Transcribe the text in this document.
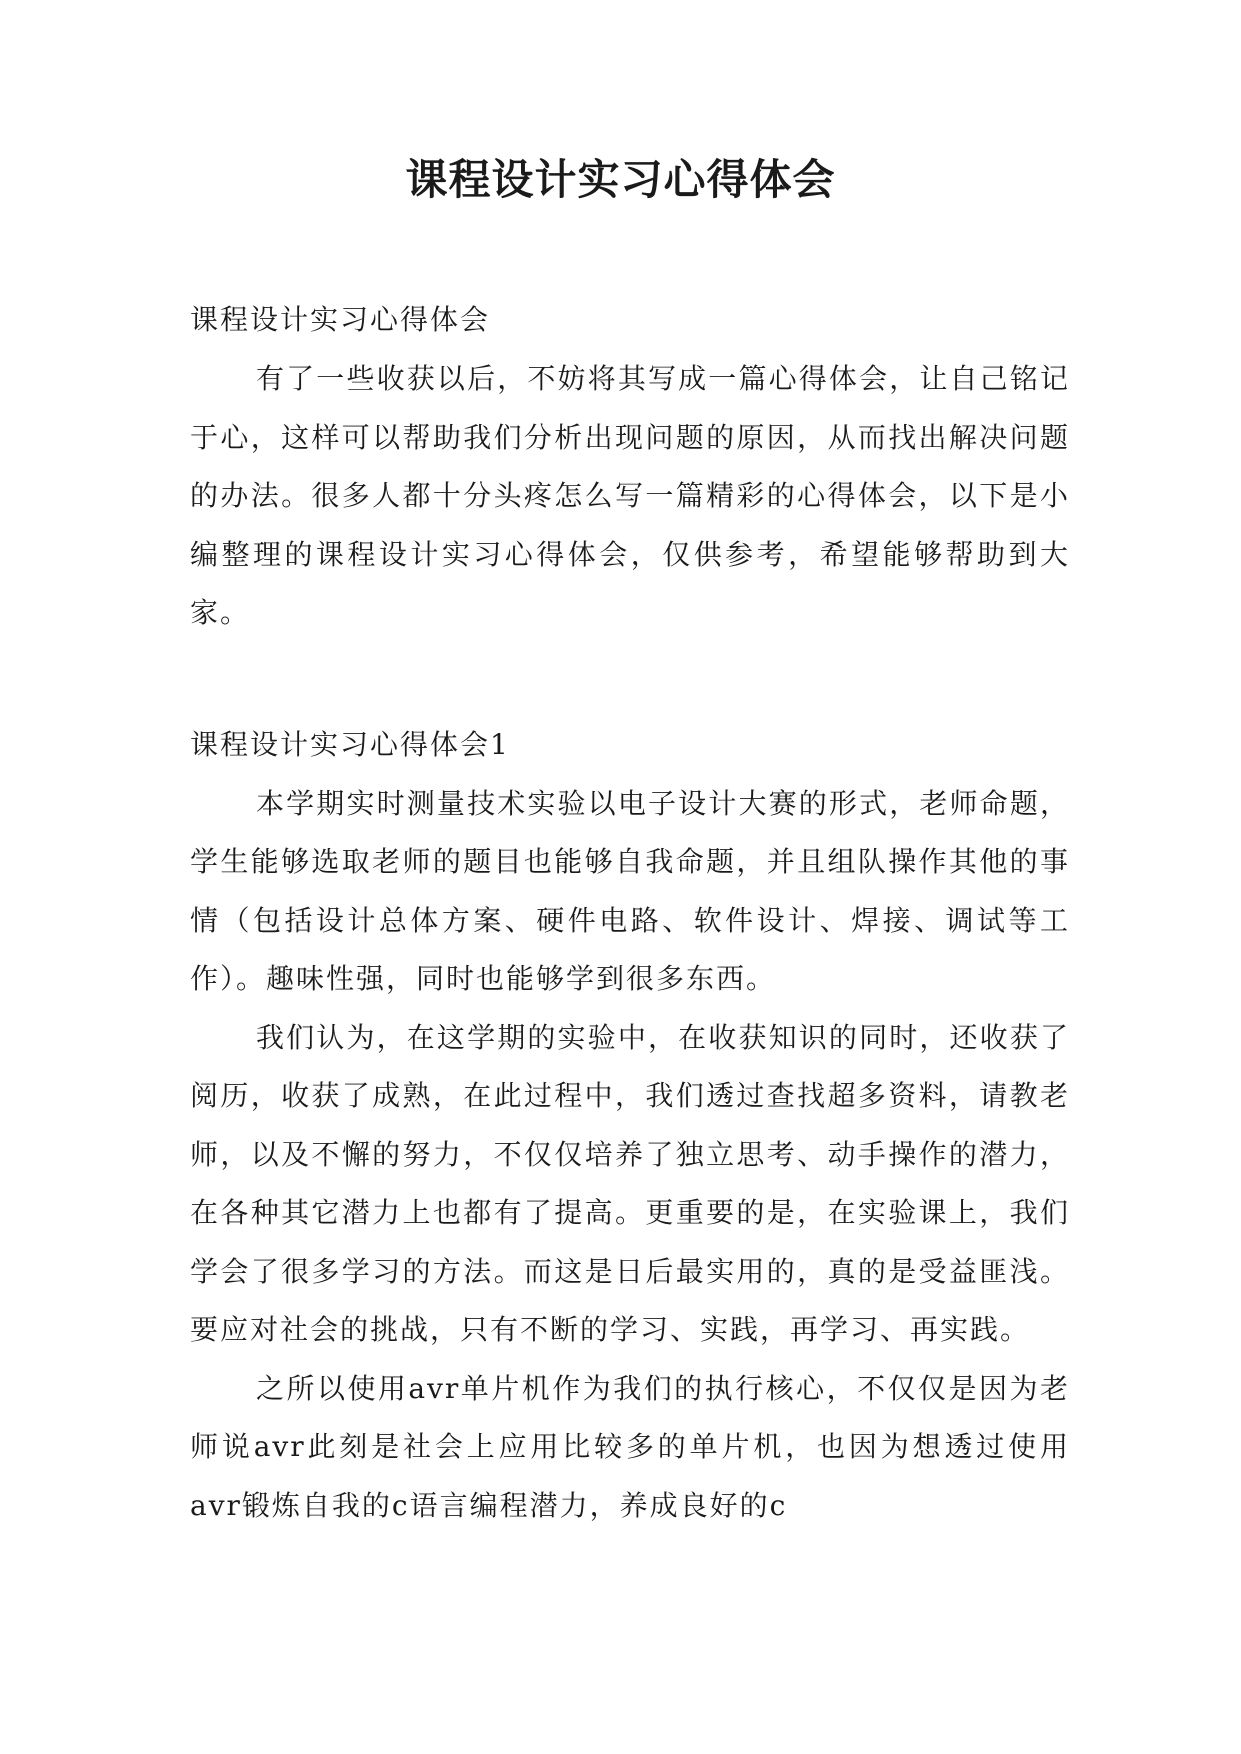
课程设计实习心得体会

课程设计实习心得体会

有了一些收获以后，不妨将其写成一篇心得体会，让自己铭记于心，这样可以帮助我们分析出现问题的原因，从而找出解决问题的办法。很多人都十分头疼怎么写一篇精彩的心得体会，以下是小编整理的课程设计实习心得体会，仅供参考，希望能够帮助到大家。

课程设计实习心得体会1

本学期实时测量技术实验以电子设计大赛的形式，老师命题，学生能够选取老师的题目也能够自我命题，并且组队操作其他的事情（包括设计总体方案、硬件电路、软件设计、焊接、调试等工作）。趣味性强，同时也能够学到很多东西。

我们认为，在这学期的实验中，在收获知识的同时，还收获了阅历，收获了成熟，在此过程中，我们透过查找超多资料，请教老师，以及不懈的努力，不仅仅培养了独立思考、动手操作的潜力，在各种其它潜力上也都有了提高。更重要的是，在实验课上，我们学会了很多学习的方法。而这是日后最实用的，真的是受益匪浅。要应对社会的挑战，只有不断的学习、实践，再学习、再实践。

之所以使用avr单片机作为我们的执行核心，不仅仅是因为老师说avr此刻是社会上应用比较多的单片机，也因为想透过使用avr锻炼自我的c语言编程潜力，养成良好的c
